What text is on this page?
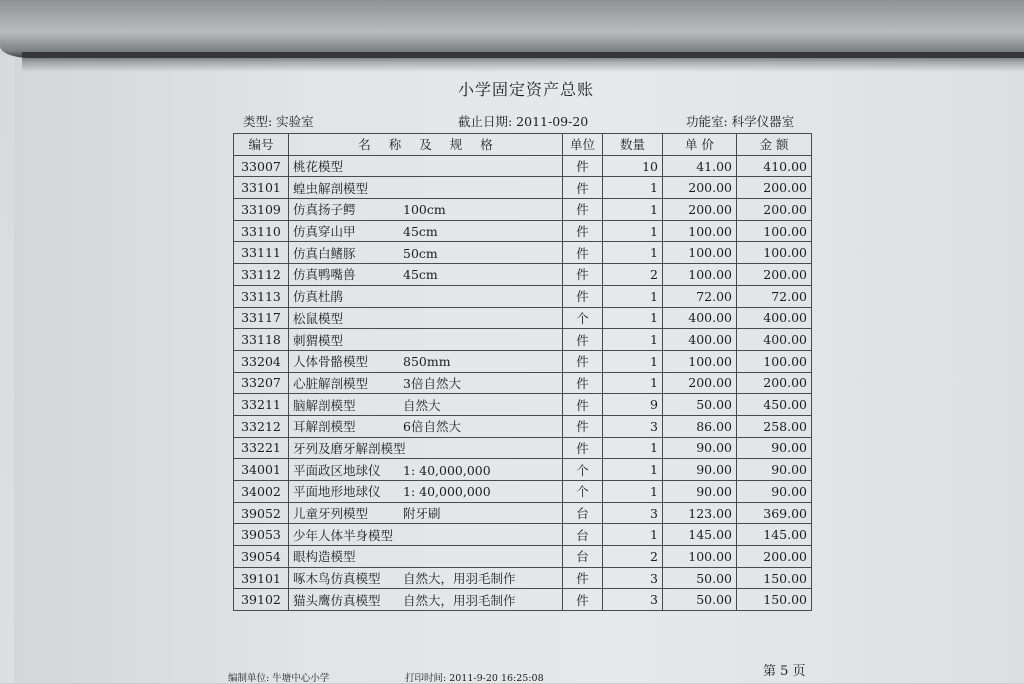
小学固定资产总账
类型: 实验室	截止日期: 2011-09-20	功能室: 科学仪器室
编号	名 称 及 规 格	单位	数量	单 价	金 额
33007	桃花模型	件	10	41.00	410.00
33101	蝗虫解剖模型	件	1	200.00	200.00
33109	仿真扬子鳄 100cm	件	1	200.00	200.00
33110	仿真穿山甲 45cm	件	1	100.00	100.00
33111	仿真白鳍豚 50cm	件	1	100.00	100.00
33112	仿真鸭嘴兽 45cm	件	2	100.00	200.00
33113	仿真杜鹃	件	1	72.00	72.00
33117	松鼠模型	个	1	400.00	400.00
33118	刺猬模型	件	1	400.00	400.00
33204	人体骨骼模型 850mm	件	1	100.00	100.00
33207	心脏解剖模型 3倍自然大	件	1	200.00	200.00
33211	脑解剖模型 自然大	件	9	50.00	450.00
33212	耳解剖模型 6倍自然大	件	3	86.00	258.00
33221	牙列及磨牙解剖模型	件	1	90.00	90.00
34001	平面政区地球仪 1: 40,000,000	个	1	90.00	90.00
34002	平面地形地球仪 1: 40,000,000	个	1	90.00	90.00
39052	儿童牙列模型 附牙刷	台	3	123.00	369.00
39053	少年人体半身模型	台	1	145.00	145.00
39054	眼构造模型	台	2	100.00	200.00
39101	啄木鸟仿真模型 自然大，用羽毛制作	件	3	50.00	150.00
39102	猫头鹰仿真模型 自然大，用羽毛制作	件	3	50.00	150.00
编制单位: 牛塘中心小学	打印时间: 2011-9-20 16:25:08	第 5 页
